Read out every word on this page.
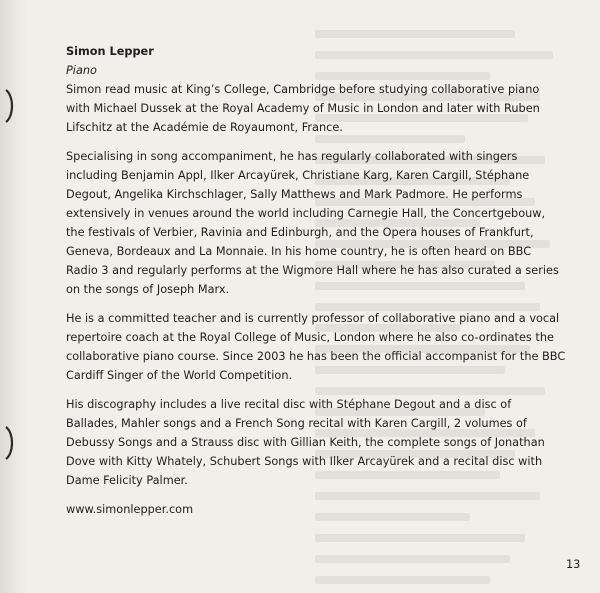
Simon Lepper
Piano

Simon read music at King’s College, Cambridge before studying collaborative piano with Michael Dussek at the Royal Academy of Music in London and later with Ruben Lifschitz at the Académie de Royaumont, France.

Specialising in song accompaniment, he has regularly collaborated with singers including Benjamin Appl, Ilker Arcayürek, Christiane Karg, Karen Cargill, Stéphane Degout, Angelika Kirchschlager, Sally Matthews and Mark Padmore. He performs extensively in venues around the world including Carnegie Hall, the Concertgebouw, the festivals of Verbier, Ravinia and Edinburgh, and the Opera houses of Frankfurt, Geneva, Bordeaux and La Monnaie. In his home country, he is often heard on BBC Radio 3 and regularly performs at the Wigmore Hall where he has also curated a series on the songs of Joseph Marx.

He is a committed teacher and is currently professor of collaborative piano and a vocal repertoire coach at the Royal College of Music, London where he also co-ordinates the collaborative piano course. Since 2003 he has been the official accompanist for the BBC Cardiff Singer of the World Competition.

His discography includes a live recital disc with Stéphane Degout and a disc of Ballades, Mahler songs and a French Song recital with Karen Cargill, 2 volumes of Debussy Songs and a Strauss disc with Gillian Keith, the complete songs of Jonathan Dove with Kitty Whately, Schubert Songs with Ilker Arcayürek and a recital disc with Dame Felicity Palmer.

www.simonlepper.com
13
